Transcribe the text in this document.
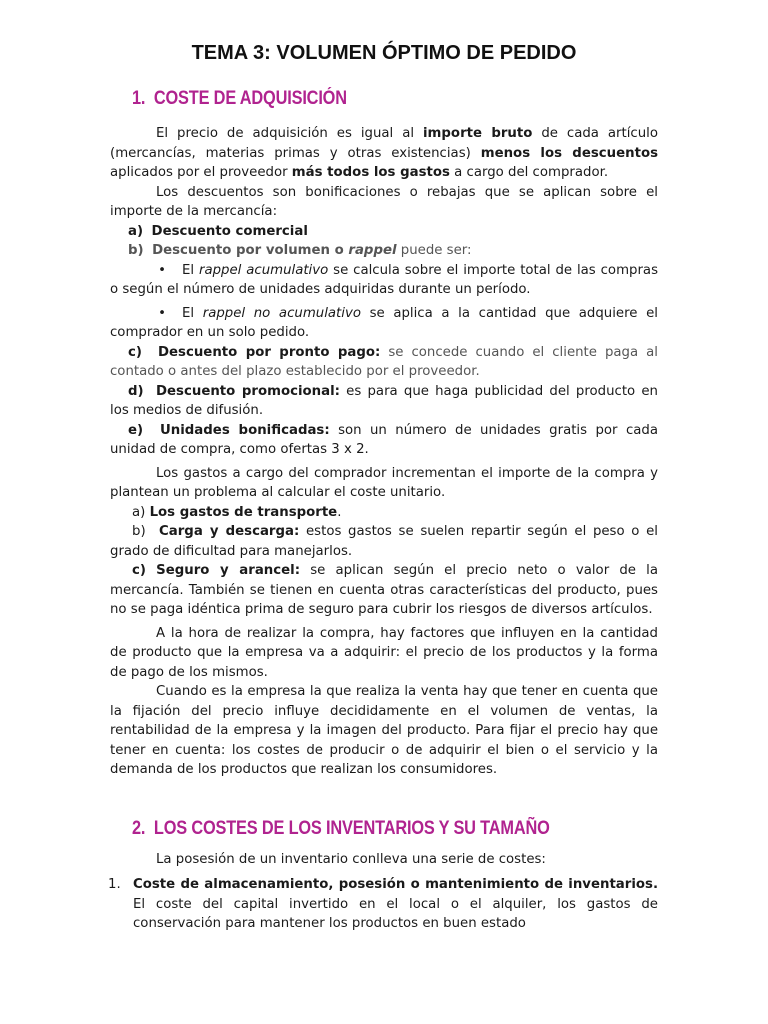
TEMA 3: VOLUMEN ÓPTIMO DE PEDIDO
1. COSTE DE ADQUISICIÓN

El precio de adquisición es igual al importe bruto de cada artículo (mercancías, materias primas y otras existencias) menos los descuentos aplicados por el proveedor más todos los gastos a cargo del comprador.

Los descuentos son bonificaciones o rebajas que se aplican sobre el importe de la mercancía:

a) Descuento comercial

b) Descuento por volumen o rappel puede ser:

• El rappel acumulativo se calcula sobre el importe total de las compras o según el número de unidades adquiridas durante un período.

• El rappel no acumulativo se aplica a la cantidad que adquiere el comprador en un solo pedido.

c) Descuento por pronto pago: se concede cuando el cliente paga al contado o antes del plazo establecido por el proveedor.

d) Descuento promocional: es para que haga publicidad del producto en los medios de difusión.

e) Unidades bonificadas: son un número de unidades gratis por cada unidad de compra, como ofertas 3 x 2.

Los gastos a cargo del comprador incrementan el importe de la compra y plantean un problema al calcular el coste unitario.

a) Los gastos de transporte.

b) Carga y descarga: estos gastos se suelen repartir según el peso o el grado de dificultad para manejarlos.

c) Seguro y arancel: se aplican según el precio neto o valor de la mercancía. También se tienen en cuenta otras características del producto, pues no se paga idéntica prima de seguro para cubrir los riesgos de diversos artículos.

A la hora de realizar la compra, hay factores que influyen en la cantidad de producto que la empresa va a adquirir: el precio de los productos y la forma de pago de los mismos.

Cuando es la empresa la que realiza la venta hay que tener en cuenta que la fijación del precio influye decididamente en el volumen de ventas, la rentabilidad de la empresa y la imagen del producto. Para fijar el precio hay que tener en cuenta: los costes de producir o de adquirir el bien o el servicio y la demanda de los productos que realizan los consumidores.

2. LOS COSTES DE LOS INVENTARIOS Y SU TAMAÑO

La posesión de un inventario conlleva una serie de costes:

1. Coste de almacenamiento, posesión o mantenimiento de inventarios. El coste del capital invertido en el local o el alquiler, los gastos de conservación para mantener los productos en buen estado
